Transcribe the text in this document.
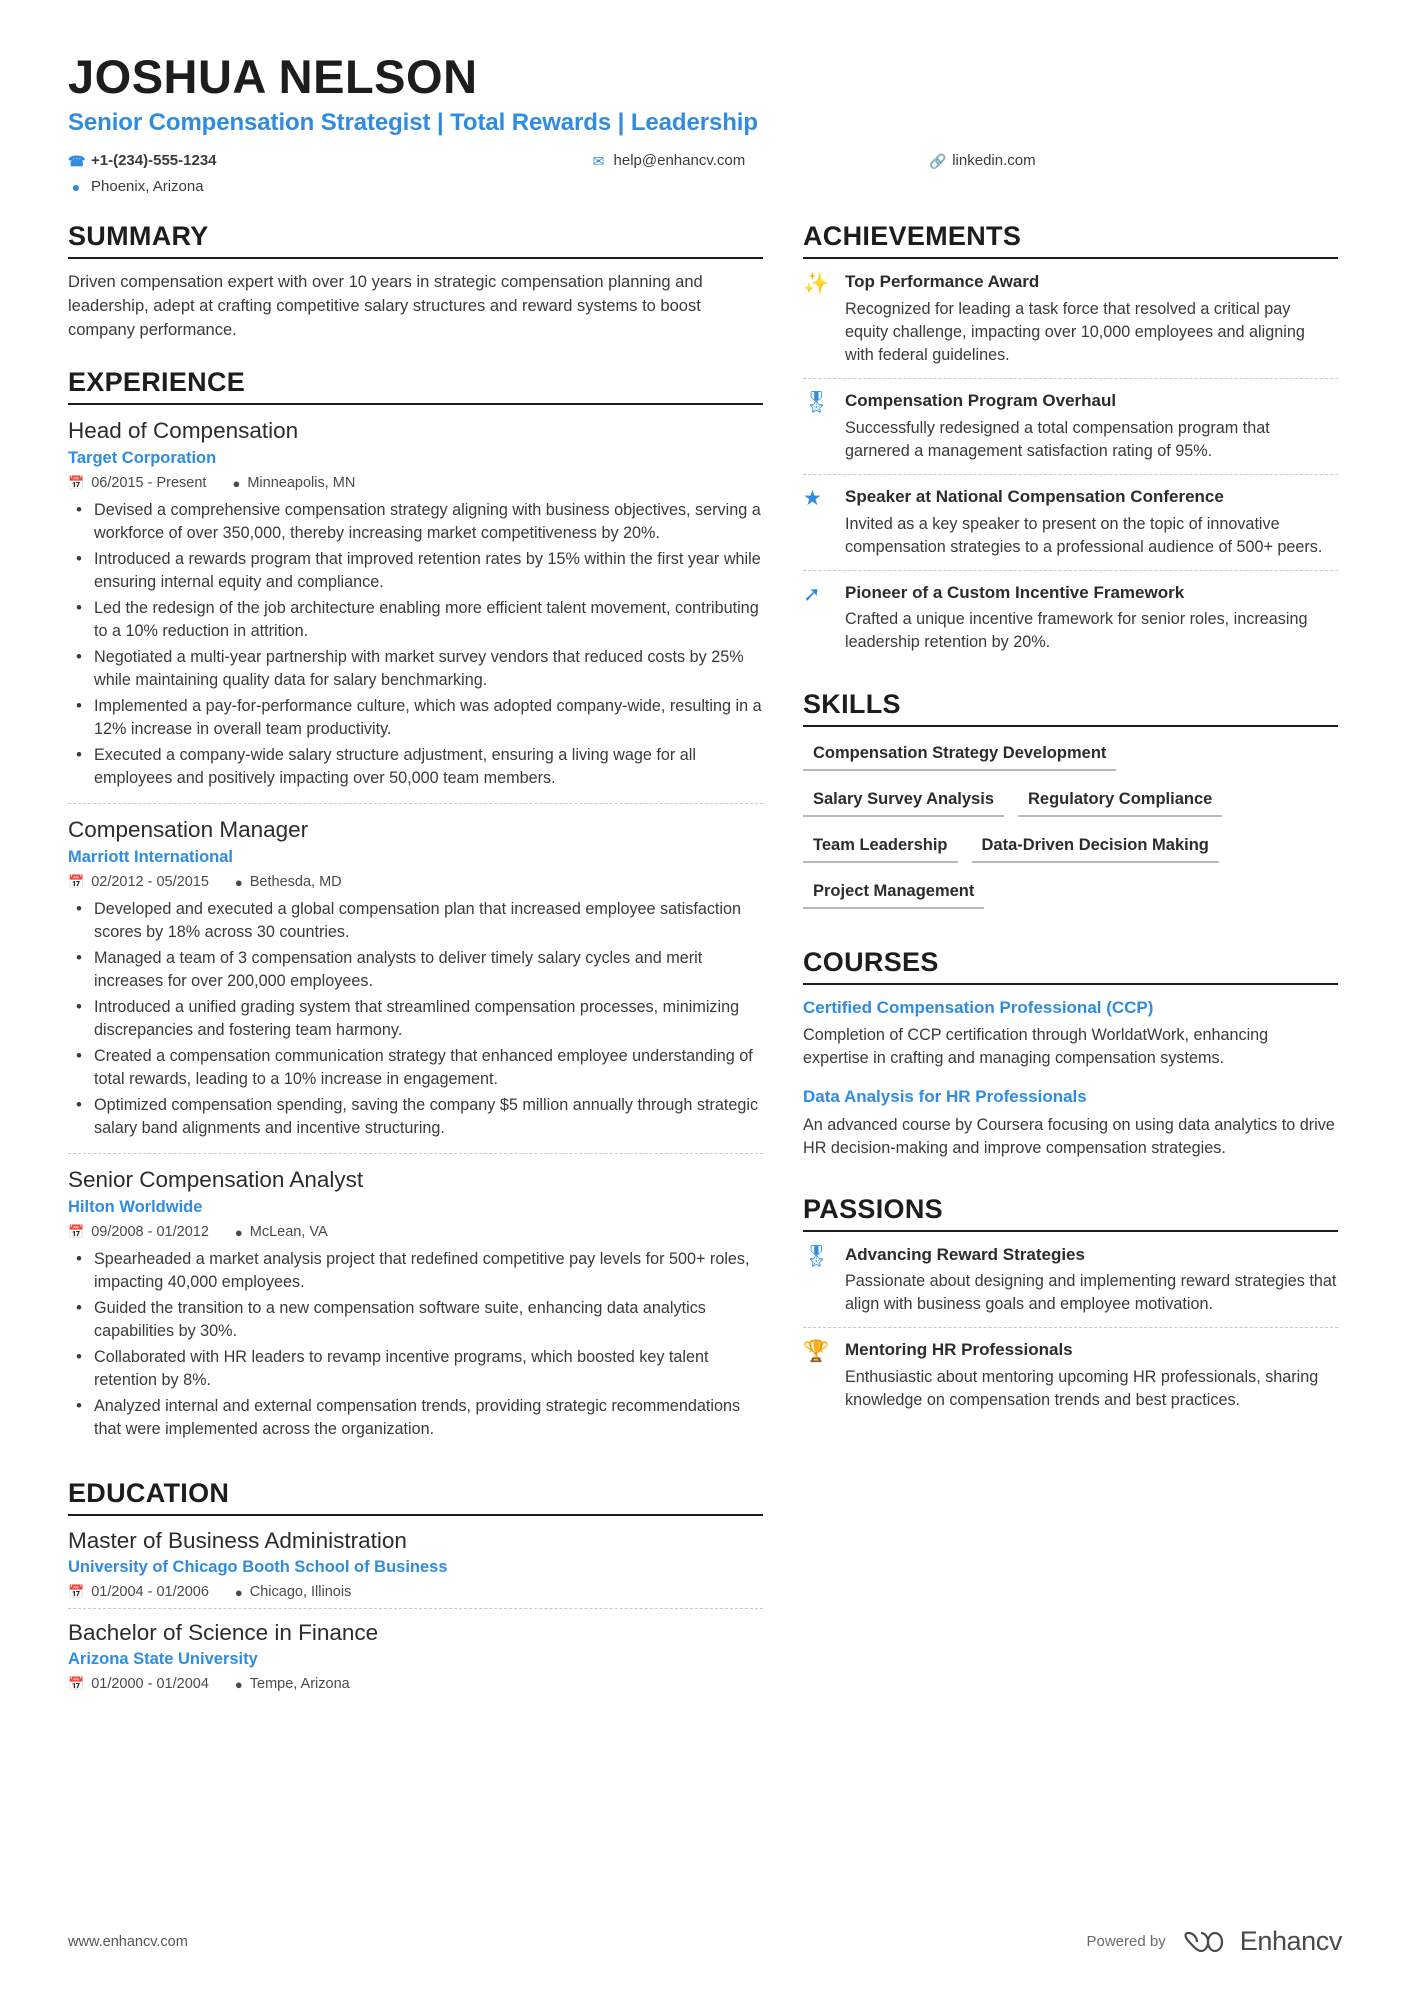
JOSHUA NELSON
Senior Compensation Strategist | Total Rewards | Leadership
☎ +1-(234)-555-1234	✉ help@enhancv.com	🔗 linkedin.com
● Phoenix, Arizona
SUMMARY
Driven compensation expert with over 10 years in strategic compensation planning and leadership, adept at crafting competitive salary structures and reward systems to boost company performance.
EXPERIENCE
Head of Compensation
Target Corporation
📅 06/2015 - Present ● Minneapolis, MN
• Devised a comprehensive compensation strategy aligning with business objectives, serving a workforce of over 350,000, thereby increasing market competitiveness by 20%.
• Introduced a rewards program that improved retention rates by 15% within the first year while ensuring internal equity and compliance.
• Led the redesign of the job architecture enabling more efficient talent movement, contributing to a 10% reduction in attrition.
• Negotiated a multi-year partnership with market survey vendors that reduced costs by 25% while maintaining quality data for salary benchmarking.
• Implemented a pay-for-performance culture, which was adopted company-wide, resulting in a 12% increase in overall team productivity.
• Executed a company-wide salary structure adjustment, ensuring a living wage for all employees and positively impacting over 50,000 team members.
Compensation Manager
Marriott International
📅 02/2012 - 05/2015 ● Bethesda, MD
• Developed and executed a global compensation plan that increased employee satisfaction scores by 18% across 30 countries.
• Managed a team of 3 compensation analysts to deliver timely salary cycles and merit increases for over 200,000 employees.
• Introduced a unified grading system that streamlined compensation processes, minimizing discrepancies and fostering team harmony.
• Created a compensation communication strategy that enhanced employee understanding of total rewards, leading to a 10% increase in engagement.
• Optimized compensation spending, saving the company $5 million annually through strategic salary band alignments and incentive structuring.
Senior Compensation Analyst
Hilton Worldwide
📅 09/2008 - 01/2012 ● McLean, VA
• Spearheaded a market analysis project that redefined competitive pay levels for 500+ roles, impacting 40,000 employees.
• Guided the transition to a new compensation software suite, enhancing data analytics capabilities by 30%.
• Collaborated with HR leaders to revamp incentive programs, which boosted key talent retention by 8%.
• Analyzed internal and external compensation trends, providing strategic recommendations that were implemented across the organization.
EDUCATION
Master of Business Administration
University of Chicago Booth School of Business
📅 01/2004 - 01/2006 ● Chicago, Illinois
Bachelor of Science in Finance
Arizona State University
📅 01/2000 - 01/2004 ● Tempe, Arizona
ACHIEVEMENTS
✨ Top Performance Award
Recognized for leading a task force that resolved a critical pay equity challenge, impacting over 10,000 employees and aligning with federal guidelines.
🎖 Compensation Program Overhaul
Successfully redesigned a total compensation program that garnered a management satisfaction rating of 95%.
★	Speaker at National Compensation Conference
Invited as a key speaker to present on the topic of innovative compensation strategies to a professional audience of 500+ peers.
➚	Pioneer of a Custom Incentive Framework
Crafted a unique incentive framework for senior roles, increasing leadership retention by 20%.
SKILLS
Compensation Strategy Development
Salary Survey Analysis	Regulatory Compliance
Team Leadership	Data-Driven Decision Making
Project Management
COURSES
Certified Compensation Professional (CCP)
Completion of CCP certification through WorldatWork, enhancing expertise in crafting and managing compensation systems.
Data Analysis for HR Professionals
An advanced course by Coursera focusing on using data analytics to drive HR decision-making and improve compensation strategies.
PASSIONS
🎖 Advancing Reward Strategies
Passionate about designing and implementing reward strategies that align with business goals and employee motivation.
🏆 Mentoring HR Professionals
Enthusiastic about mentoring upcoming HR professionals, sharing knowledge on compensation trends and best practices.
www.enhancv.com	Powered by	Enhancv
